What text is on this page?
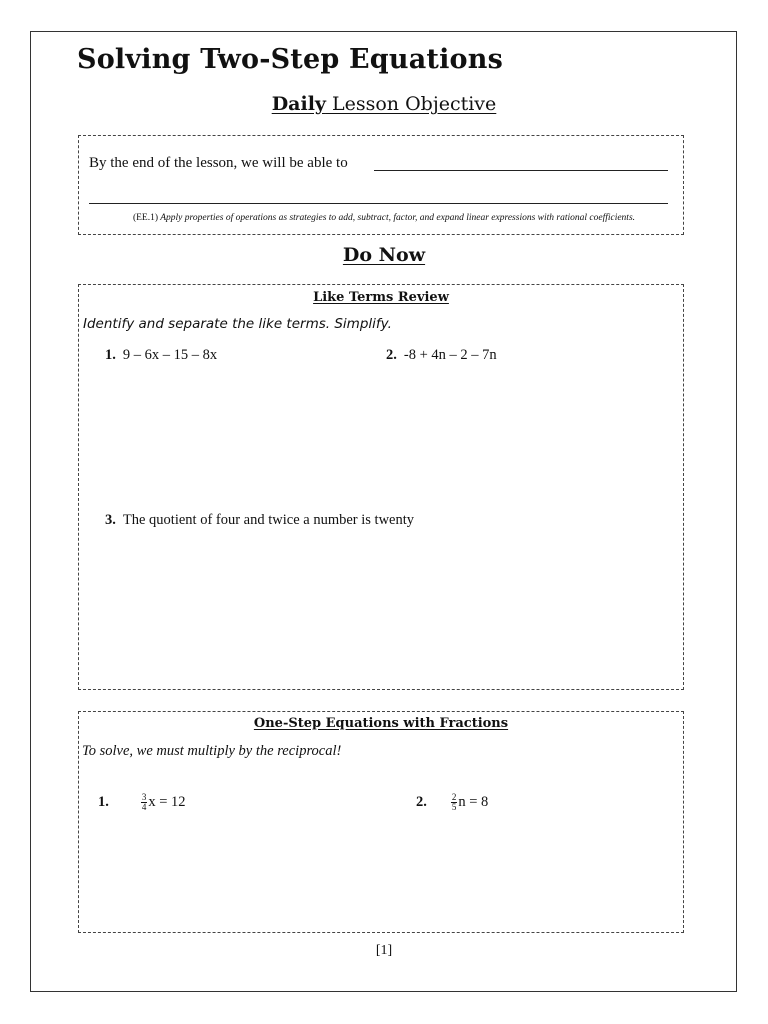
Solving Two-Step Equations
Daily Lesson Objective
By the end of the lesson, we will be able to
(EE.1) Apply properties of operations as strategies to add, subtract, factor, and expand linear expressions with rational coefficients.
Do Now
Like Terms Review
Identify and separate the like terms. Simplify.
1. 9 – 6x – 15 – 8x	2. -8 + 4n – 2 – 7n
3. The quotient of four and twice a number is twenty
One-Step Equations with Fractions
To solve, we must multiply by the reciprocal!
1.	$\frac{3}{4}$ x = 12	2.	$\frac{2}{5}$ n = 8
[1]
